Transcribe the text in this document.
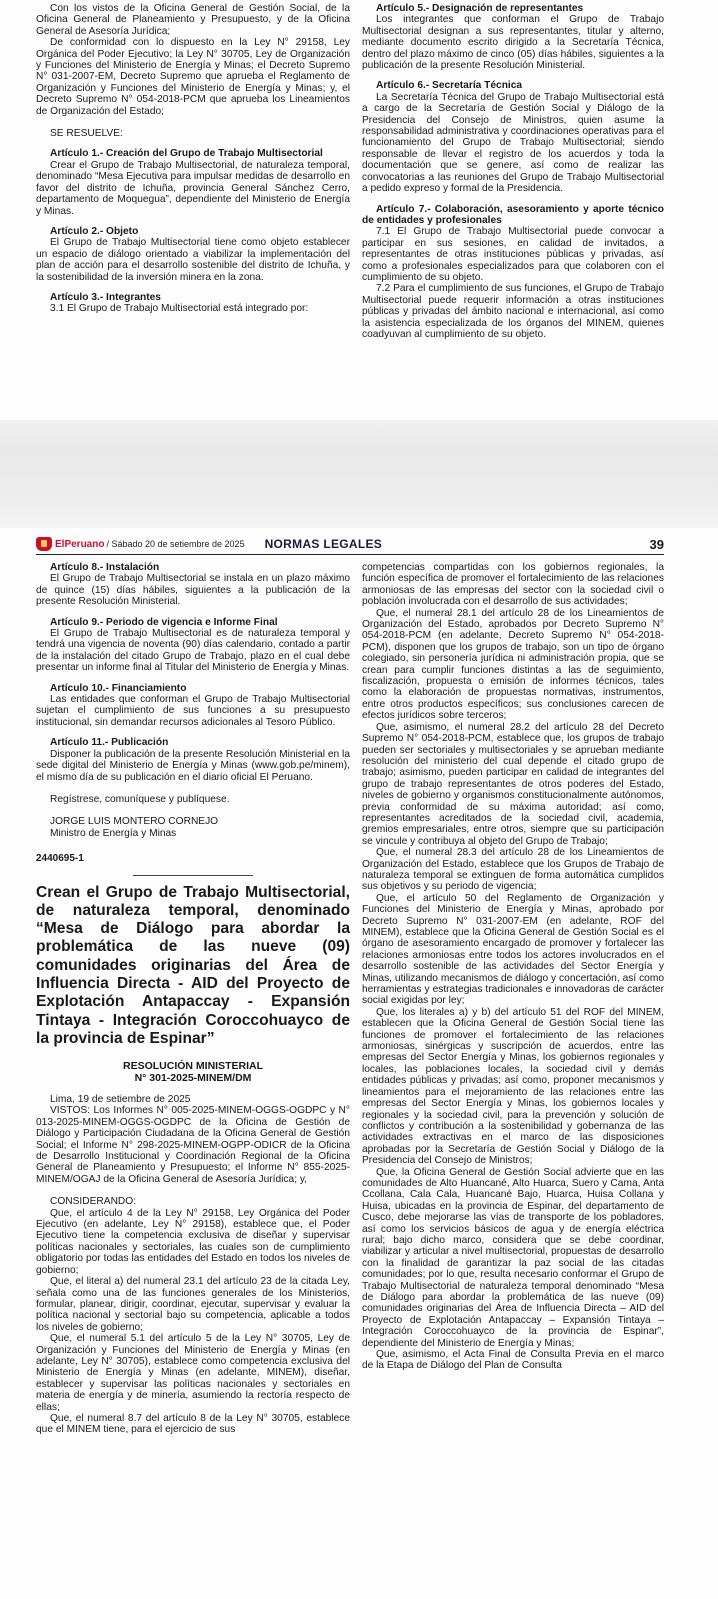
Con los vistos de la Oficina General de Gestión Social, de la Oficina General de Planeamiento y Presupuesto, y de la Oficina General de Asesoría Jurídica;

De conformidad con lo dispuesto en la Ley N° 29158, Ley Orgánica del Poder Ejecutivo; la Ley N° 30705, Ley de Organización y Funciones del Ministerio de Energía y Minas; el Decreto Supremo N° 031-2007-EM, Decreto Supremo que aprueba el Reglamento de Organización y Funciones del Ministerio de Energía y Minas; y, el Decreto Supremo N° 054-2018-PCM que aprueba los Lineamientos de Organización del Estado;

SE RESUELVE:

Artículo 1.- Creación del Grupo de Trabajo Multisectorial

Crear el Grupo de Trabajo Multisectorial, de naturaleza temporal, denominado “Mesa Ejecutiva para impulsar medidas de desarrollo en favor del distrito de Ichuña, provincia General Sánchez Cerro, departamento de Moquegua”, dependiente del Ministerio de Energía y Minas.

Artículo 2.- Objeto

El Grupo de Trabajo Multisectorial tiene como objeto establecer un espacio de diálogo orientado a viabilizar la implementación del plan de acción para el desarrollo sostenible del distrito de Ichuña, y la sostenibilidad de la inversión minera en la zona.

Artículo 3.- Integrantes

3.1 El Grupo de Trabajo Multisectorial está integrado por:

Artículo 5.- Designación de representantes

Los integrantes que conforman el Grupo de Trabajo Multisectorial designan a sus representantes, titular y alterno, mediante documento escrito dirigido a la Secretaría Técnica, dentro del plazo máximo de cinco (05) días hábiles, siguientes a la publicación de la presente Resolución Ministerial.

Artículo 6.- Secretaría Técnica

La Secretaría Técnica del Grupo de Trabajo Multisectorial está a cargo de la Secretaría de Gestión Social y Diálogo de la Presidencia del Consejo de Ministros, quien asume la responsabilidad administrativa y coordinaciones operativas para el funcionamiento del Grupo de Trabajo Multisectorial; siendo responsable de llevar el registro de los acuerdos y toda la documentación que se genere, así como de realizar las convocatorias a las reuniones del Grupo de Trabajo Multisectorial a pedido expreso y formal de la Presidencia.

Artículo 7.- Colaboración, asesoramiento y aporte técnico de entidades y profesionales

7.1 El Grupo de Trabajo Multisectorial puede convocar a participar en sus sesiones, en calidad de invitados, a representantes de otras instituciones públicas y privadas, así como a profesionales especializados para que colaboren con el cumplimiento de su objeto.

7.2 Para el cumplimiento de sus funciones, el Grupo de Trabajo Multisectorial puede requerir información a otras instituciones públicas y privadas del ámbito nacional e internacional, así como la asistencia especializada de los órganos del MINEM, quienes coadyuvan al cumplimiento de su objeto.

ElPeruano / Sábado 20 de setiembre de 2025 NORMAS LEGALES	39
Artículo 8.- Instalación

El Grupo de Trabajo Multisectorial se instala en un plazo máximo de quince (15) días hábiles, siguientes a la publicación de la presente Resolución Ministerial.

Artículo 9.- Periodo de vigencia e Informe Final

El Grupo de Trabajo Multisectorial es de naturaleza temporal y tendrá una vigencia de noventa (90) días calendario, contado a partir de la instalación del citado Grupo de Trabajo, plazo en el cual debe presentar un informe final al Titular del Ministerio de Energía y Minas.

Artículo 10.- Financiamiento

Las entidades que conforman el Grupo de Trabajo Multisectorial sujetan el cumplimiento de sus funciones a su presupuesto institucional, sin demandar recursos adicionales al Tesoro Público.

Artículo 11.- Publicación

Disponer la publicación de la presente Resolución Ministerial en la sede digital del Ministerio de Energía y Minas (www.gob.pe/minem), el mismo día de su publicación en el diario oficial El Peruano.

Regístrese, comuníquese y publíquese.

JORGE LUIS MONTERO CORNEJO

Ministro de Energía y Minas

2440695-1

Crean el Grupo de Trabajo Multisectorial, de naturaleza temporal, denominado “Mesa de Diálogo para abordar la problemática de las nueve (09) comunidades originarias del Área de Influencia Directa - AID del Proyecto de Explotación Antapaccay - Expansión Tintaya - Integración Coroccohuayco de la provincia de Espinar”

RESOLUCIÓN MINISTERIAL

N° 301-2025-MINEM/DM

Lima, 19 de setiembre de 2025

VISTOS: Los Informes N° 005-2025-MINEM-OGGS-OGDPC y N° 013-2025-MINEM-OGGS-OGDPC de la Oficina de Gestión de Diálogo y Participación Ciudadana de la Oficina General de Gestión Social; el Informe N° 298-2025-MINEM-OGPP-ODICR de la Oficina de Desarrollo Institucional y Coordinación Regional de la Oficina General de Planeamiento y Presupuesto; el Informe N° 855-2025-MINEM/OGAJ de la Oficina General de Asesoría Jurídica; y,

CONSIDERANDO:

Que, el artículo 4 de la Ley N° 29158, Ley Orgánica del Poder Ejecutivo (en adelante, Ley N° 29158), establece que, el Poder Ejecutivo tiene la competencia exclusiva de diseñar y supervisar políticas nacionales y sectoriales, las cuales son de cumplimiento obligatorio por todas las entidades del Estado en todos los niveles de gobierno;

Que, el literal a) del numeral 23.1 del artículo 23 de la citada Ley, señala como una de las funciones generales de los Ministerios, formular, planear, dirigir, coordinar, ejecutar, supervisar y evaluar la política nacional y sectorial bajo su competencia, aplicable a todos los niveles de gobierno;

Que, el numeral 5.1 del artículo 5 de la Ley N° 30705, Ley de Organización y Funciones del Ministerio de Energía y Minas (en adelante, Ley N° 30705), establece como competencia exclusiva del Ministerio de Energía y Minas (en adelante, MINEM), diseñar, establecer y supervisar las políticas nacionales y sectoriales en materia de energía y de minería, asumiendo la rectoría respecto de ellas;

Que, el numeral 8.7 del artículo 8 de la Ley N° 30705, establece que el MINEM tiene, para el ejercicio de sus

competencias compartidas con los gobiernos regionales, la función específica de promover el fortalecimiento de las relaciones armoniosas de las empresas del sector con la sociedad civil o población involucrada con el desarrollo de sus actividades;

Que, el numeral 28.1 del artículo 28 de los Lineamientos de Organización del Estado, aprobados por Decreto Supremo N° 054-2018-PCM (en adelante, Decreto Supremo N° 054-2018-PCM), disponen que los grupos de trabajo, son un tipo de órgano colegiado, sin personería jurídica ni administración propia, que se crean para cumplir funciones distintas a las de seguimiento, fiscalización, propuesta o emisión de informes técnicos, tales como la elaboración de propuestas normativas, instrumentos, entre otros productos específicos; sus conclusiones carecen de efectos jurídicos sobre terceros;

Que, asimismo, el numeral 28.2 del artículo 28 del Decreto Supremo N° 054-2018-PCM, establece que, los grupos de trabajo pueden ser sectoriales y multisectoriales y se aprueban mediante resolución del ministerio del cual depende el citado grupo de trabajo; asimismo, pueden participar en calidad de integrantes del grupo de trabajo representantes de otros poderes del Estado, niveles de gobierno y organismos constitucionalmente autónomos, previa conformidad de su máxima autoridad; así como, representantes acreditados de la sociedad civil, academia, gremios empresariales, entre otros, siempre que su participación se vincule y contribuya al objeto del Grupo de Trabajo;

Que, el numeral 28.3 del artículo 28 de los Lineamientos de Organización del Estado, establece que los Grupos de Trabajo de naturaleza temporal se extinguen de forma automática cumplidos sus objetivos y su periodo de vigencia;

Que, el artículo 50 del Reglamento de Organización y Funciones del Ministerio de Energía y Minas, aprobado por Decreto Supremo N° 031-2007-EM (en adelante, ROF del MINEM), establece que la Oficina General de Gestión Social es el órgano de asesoramiento encargado de promover y fortalecer las relaciones armoniosas entre todos los actores involucrados en el desarrollo sostenible de las actividades del Sector Energía y Minas, utilizando mecanismos de diálogo y concertación, así como herramientas y estrategias tradicionales e innovadoras de carácter social exigidas por ley;

Que, los literales a) y b) del artículo 51 del ROF del MINEM, establecen que la Oficina General de Gestión Social tiene las funciones de promover el fortalecimiento de las relaciones armoniosas, sinérgicas y suscripción de acuerdos, entre las empresas del Sector Energía y Minas, los gobiernos regionales y locales, las poblaciones locales, la sociedad civil y demás entidades públicas y privadas; así como, proponer mecanismos y lineamientos para el mejoramiento de las relaciones entre las empresas del Sector Energía y Minas, los gobiernos locales y regionales y la sociedad civil, para la prevención y solución de conflictos y contribución a la sostenibilidad y gobernanza de las actividades extractivas en el marco de las disposiciones aprobadas por la Secretaría de Gestión Social y Diálogo de la Presidencia del Consejo de Ministros;

Que, la Oficina General de Gestión Social advierte que en las comunidades de Alto Huancané, Alto Huarca, Suero y Cama, Anta Ccollana, Cala Cala, Huancané Bajo, Huarca, Huisa Collana y Huisa, ubicadas en la provincia de Espinar, del departamento de Cusco, debe mejorarse las vías de transporte de los pobladores, así como los servicios básicos de agua y de energía eléctrica rural; bajo dicho marco, considera que se debe coordinar, viabilizar y articular a nivel multisectorial, propuestas de desarrollo con la finalidad de garantizar la paz social de las citadas comunidades; por lo que, resulta necesario conformar el Grupo de Trabajo Multisectorial de naturaleza temporal denominado “Mesa de Diálogo para abordar la problemática de las nueve (09) comunidades originarias del Área de Influencia Directa – AID del Proyecto de Explotación Antapaccay – Expansión Tintaya – Integración Coroccohuayco de la provincia de Espinar”, dependiente del Ministerio de Energía y Minas;

Que, asimismo, el Acta Final de Consulta Previa en el marco de la Etapa de Diálogo del Plan de Consulta
